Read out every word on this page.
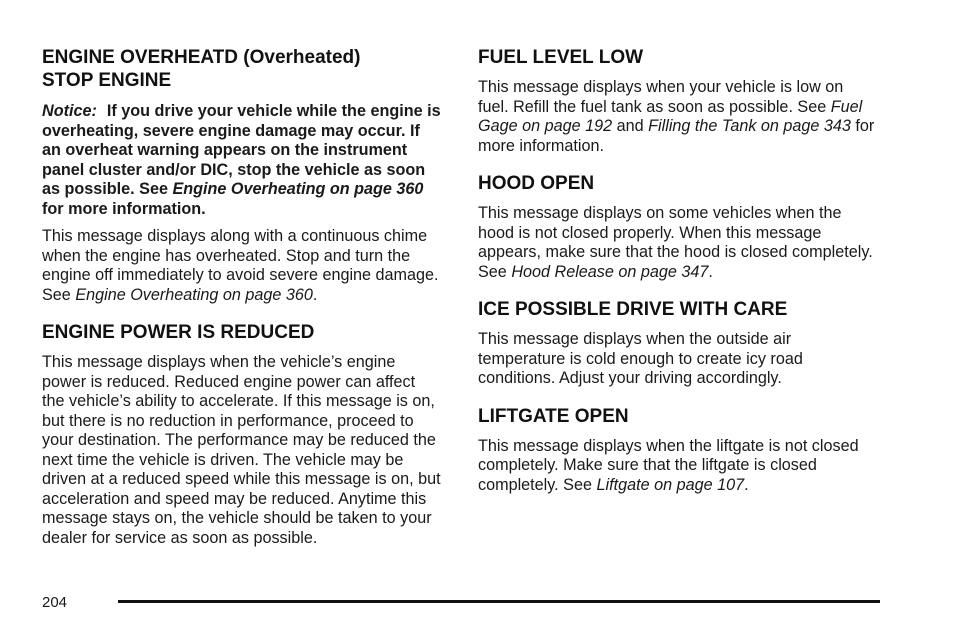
ENGINE OVERHEATD (Overheated)
STOP ENGINE

Notice: If you drive your vehicle while the engine is overheating, severe engine damage may occur. If an overheat warning appears on the instrument panel cluster and/or DIC, stop the vehicle as soon as possible. See Engine Overheating on page 360 for more information.

This message displays along with a continuous chime when the engine has overheated. Stop and turn the engine off immediately to avoid severe engine damage. See Engine Overheating on page 360.

ENGINE POWER IS REDUCED

This message displays when the vehicle’s engine power is reduced. Reduced engine power can affect the vehicle’s ability to accelerate. If this message is on, but there is no reduction in performance, proceed to your destination. The performance may be reduced the next time the vehicle is driven. The vehicle may be driven at a reduced speed while this message is on, but acceleration and speed may be reduced. Anytime this message stays on, the vehicle should be taken to your dealer for service as soon as possible.

FUEL LEVEL LOW

This message displays when your vehicle is low on fuel. Refill the fuel tank as soon as possible. See Fuel Gage on page 192 and Filling the Tank on page 343 for more information.

HOOD OPEN

This message displays on some vehicles when the hood is not closed properly. When this message appears, make sure that the hood is closed completely. See Hood Release on page 347.

ICE POSSIBLE DRIVE WITH CARE

This message displays when the outside air temperature is cold enough to create icy road conditions. Adjust your driving accordingly.

LIFTGATE OPEN

This message displays when the liftgate is not closed completely. Make sure that the liftgate is closed completely. See Liftgate on page 107.

204
